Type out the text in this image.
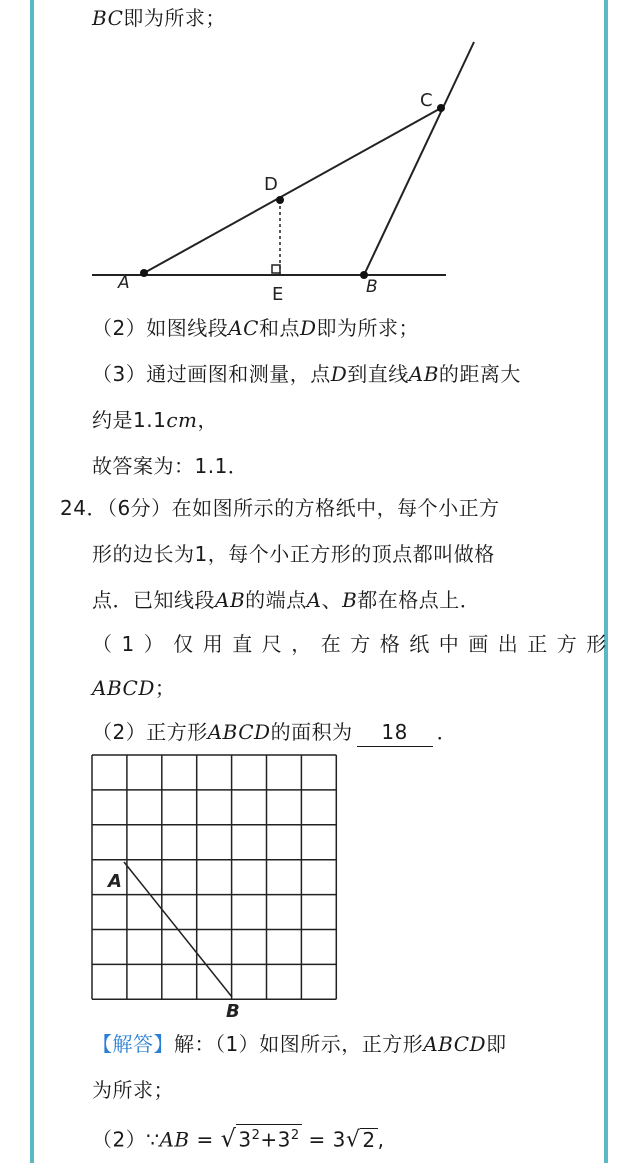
BC即为所求；
A	B
C
D
E
（2）如图线段AC和点D即为所求；
（3）通过画图和测量，点D到直线AB的距离大
约是1.1cm，
故答案为：1.1．
24．（6分）在如图所示的方格纸中，每个小正方
形的边长为1，每个小正方形的顶点都叫做格
点．已知线段AB的端点A、B都在格点上．
（1）仅用直尺，在方格纸中画出正方形
ABCD；
（2）正方形ABCD的面积为 18 ．
A
B
【解答】解：（1）如图所示，正方形ABCD即
为所求；
（2）∵AB = √ $3^2+3^2 = 3√$ 2 ,
